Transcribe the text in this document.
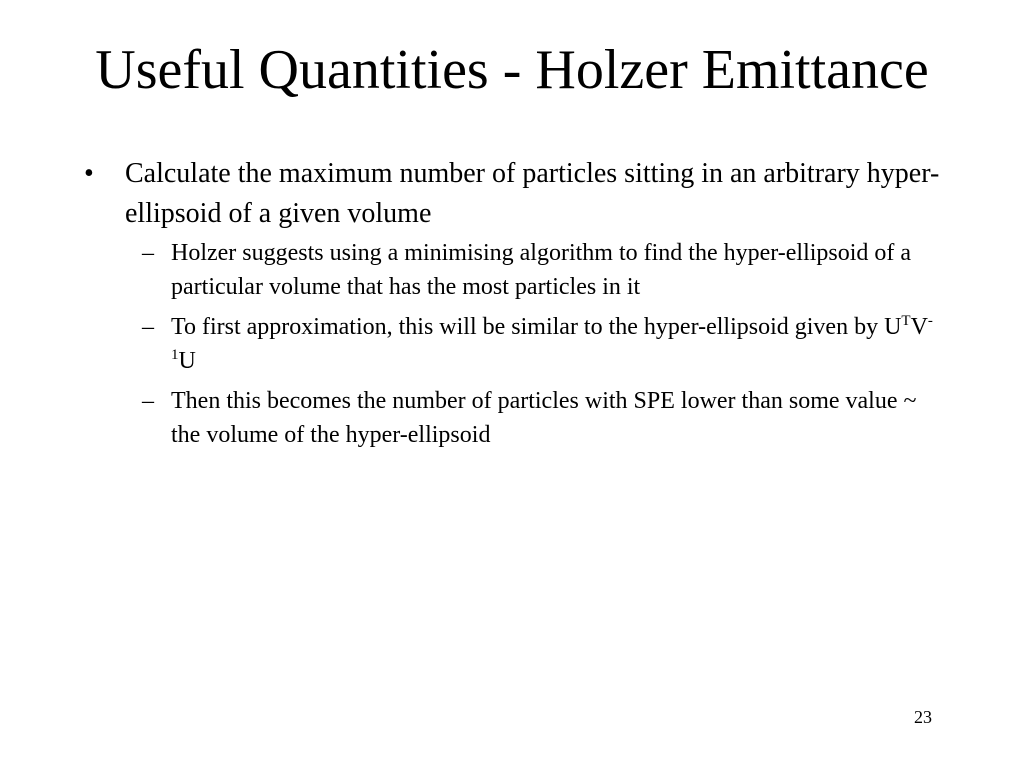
Useful Quantities - Holzer Emittance
•	Calculate the maximum number of particles sitting in an arbitrary hyper-ellipsoid of a given volume
– Holzer suggests using a minimising algorithm to find the hyper-ellipsoid of a particular volume that has the most particles in it
– To first approximation, this will be similar to the hyper-ellipsoid given by $U^TV^{-1}U$
– Then this becomes the number of particles with SPE lower than some value ~ the volume of the hyper-ellipsoid
23
